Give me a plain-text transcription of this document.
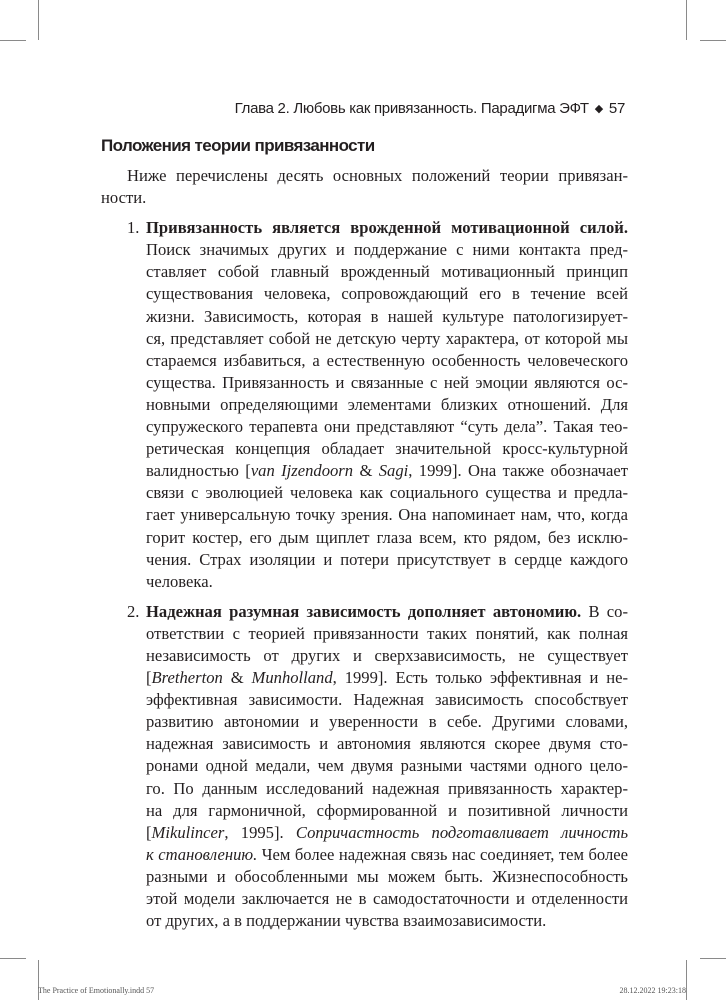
Глава 2. Любовь как привязанность. Парадигма ЭФТ ◆ 57
Положения теории привязанности
Ниже перечислены десять основных положений теории привязан-
ности.
1. Привязанность является врожденной мотивационной силой.
Поиск значимых других и поддержание с ними контакта пред-
ставляет собой главный врожденный мотивационный принцип
существования человека, сопровождающий его в течение всей
жизни. Зависимость, которая в нашей культуре патологизирует-
ся, представляет собой не детскую черту характера, от которой мы
стараемся избавиться, а естественную особенность человеческого
существа. Привязанность и связанные с ней эмоции являются ос-
новными определяющими элементами близких отношений. Для
супружеского терапевта они представляют “суть дела”. Такая тео-
ретическая концепция обладает значительной кросс-культурной
валидностью [van Ijzendoorn & Sagi, 1999]. Она также обозначает
связи с эволюцией человека как социального существа и предла-
гает универсальную точку зрения. Она напоминает нам, что, когда
горит костер, его дым щиплет глаза всем, кто рядом, без исклю-
чения. Страх изоляции и потери присутствует в сердце каждого
человека.
2. Надежная разумная зависимость дополняет автономию. В со-
ответствии с теорией привязанности таких понятий, как полная
независимость от других и сверхзависимость, не существует
[Bretherton & Munholland, 1999]. Есть только эффективная и не-
эффективная зависимости. Надежная зависимость способствует
развитию автономии и уверенности в себе. Другими словами,
надежная зависимость и автономия являются скорее двумя сто-
ронами одной медали, чем двумя разными частями одного цело-
го. По данным исследований надежная привязанность характер-
на для гармоничной, сформированной и позитивной личности
[Mikulincer, 1995]. Сопричастность подготавливает личность
к становлению. Чем более надежная связь нас соединяет, тем более
разными и обособленными мы можем быть. Жизнеспособность
этой модели заключается не в самодостаточности и отделенности
от других, а в поддержании чувства взаимозависимости.
The Practice of Emotionally.indd 57	28.12.2022 19:23:18
